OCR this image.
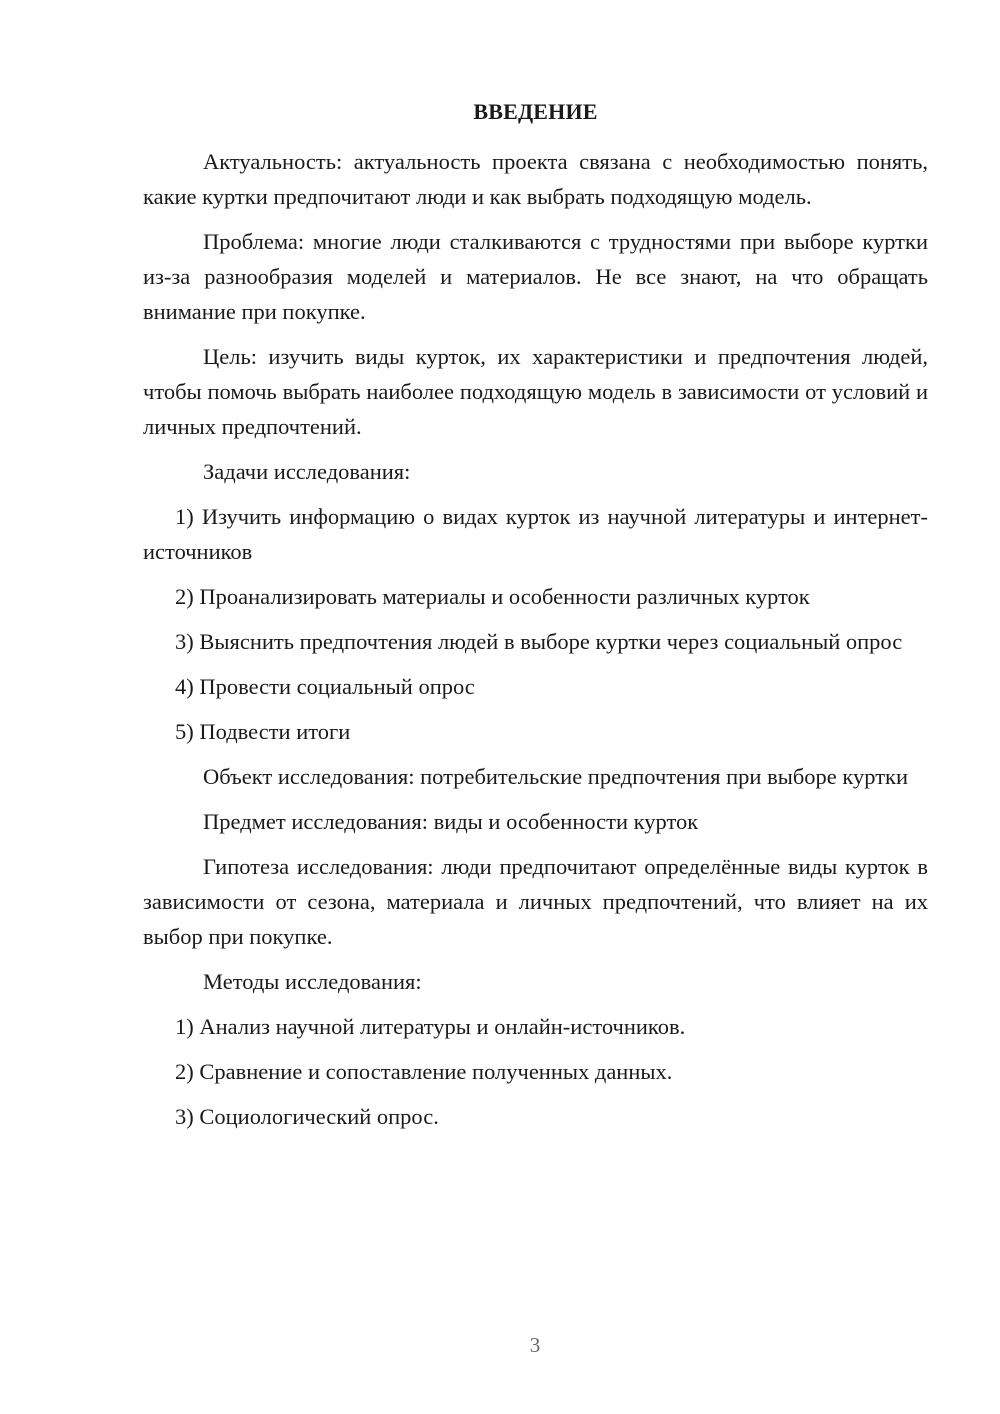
ВВЕДЕНИЕ

Актуальность: актуальность проекта связана с необходимостью понять, какие куртки предпочитают люди и как выбрать подходящую модель.

Проблема: многие люди сталкиваются с трудностями при выборе куртки из-за разнообразия моделей и материалов. Не все знают, на что обращать внимание при покупке.

Цель: изучить виды курток, их характеристики и предпочтения людей, чтобы помочь выбрать наиболее подходящую модель в зависимости от условий и личных предпочтений.

Задачи исследования:

1) Изучить информацию о видах курток из научной литературы и интернет-источников

2) Проанализировать материалы и особенности различных курток

3) Выяснить предпочтения людей в выборе куртки через социальный опрос

4) Провести социальный опрос

5) Подвести итоги

Объект исследования: потребительские предпочтения при выборе куртки

Предмет исследования: виды и особенности курток

Гипотеза исследования: люди предпочитают определённые виды курток в зависимости от сезона, материала и личных предпочтений, что влияет на их выбор при покупке.

Методы исследования:

1) Анализ научной литературы и онлайн-источников.

2) Сравнение и сопоставление полученных данных.

3) Социологический опрос.

3
